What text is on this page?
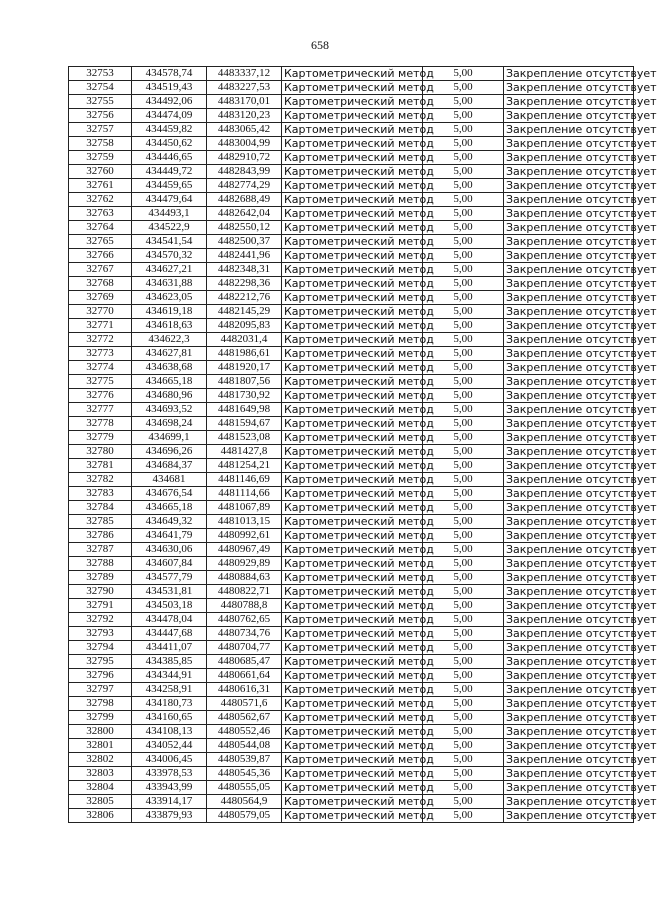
658
32753	434578,74	4483337,12	Картометрический метод	5,00	Закрепление отсутствует
32754	434519,43	4483227,53	Картометрический метод	5,00	Закрепление отсутствует
32755	434492,06	4483170,01	Картометрический метод	5,00	Закрепление отсутствует
32756	434474,09	4483120,23	Картометрический метод	5,00	Закрепление отсутствует
32757	434459,82	4483065,42	Картометрический метод	5,00	Закрепление отсутствует
32758	434450,62	4483004,99	Картометрический метод	5,00	Закрепление отсутствует
32759	434446,65	4482910,72	Картометрический метод	5,00	Закрепление отсутствует
32760	434449,72	4482843,99	Картометрический метод	5,00	Закрепление отсутствует
32761	434459,65	4482774,29	Картометрический метод	5,00	Закрепление отсутствует
32762	434479,64	4482688,49	Картометрический метод	5,00	Закрепление отсутствует
32763	434493,1	4482642,04	Картометрический метод	5,00	Закрепление отсутствует
32764	434522,9	4482550,12	Картометрический метод	5,00	Закрепление отсутствует
32765	434541,54	4482500,37	Картометрический метод	5,00	Закрепление отсутствует
32766	434570,32	4482441,96	Картометрический метод	5,00	Закрепление отсутствует
32767	434627,21	4482348,31	Картометрический метод	5,00	Закрепление отсутствует
32768	434631,88	4482298,36	Картометрический метод	5,00	Закрепление отсутствует
32769	434623,05	4482212,76	Картометрический метод	5,00	Закрепление отсутствует
32770	434619,18	4482145,29	Картометрический метод	5,00	Закрепление отсутствует
32771	434618,63	4482095,83	Картометрический метод	5,00	Закрепление отсутствует
32772	434622,3	4482031,4	Картометрический метод	5,00	Закрепление отсутствует
32773	434627,81	4481986,61	Картометрический метод	5,00	Закрепление отсутствует
32774	434638,68	4481920,17	Картометрический метод	5,00	Закрепление отсутствует
32775	434665,18	4481807,56	Картометрический метод	5,00	Закрепление отсутствует
32776	434680,96	4481730,92	Картометрический метод	5,00	Закрепление отсутствует
32777	434693,52	4481649,98	Картометрический метод	5,00	Закрепление отсутствует
32778	434698,24	4481594,67	Картометрический метод	5,00	Закрепление отсутствует
32779	434699,1	4481523,08	Картометрический метод	5,00	Закрепление отсутствует
32780	434696,26	4481427,8	Картометрический метод	5,00	Закрепление отсутствует
32781	434684,37	4481254,21	Картометрический метод	5,00	Закрепление отсутствует
32782	434681	4481146,69	Картометрический метод	5,00	Закрепление отсутствует
32783	434676,54	4481114,66	Картометрический метод	5,00	Закрепление отсутствует
32784	434665,18	4481067,89	Картометрический метод	5,00	Закрепление отсутствует
32785	434649,32	4481013,15	Картометрический метод	5,00	Закрепление отсутствует
32786	434641,79	4480992,61	Картометрический метод	5,00	Закрепление отсутствует
32787	434630,06	4480967,49	Картометрический метод	5,00	Закрепление отсутствует
32788	434607,84	4480929,89	Картометрический метод	5,00	Закрепление отсутствует
32789	434577,79	4480884,63	Картометрический метод	5,00	Закрепление отсутствует
32790	434531,81	4480822,71	Картометрический метод	5,00	Закрепление отсутствует
32791	434503,18	4480788,8	Картометрический метод	5,00	Закрепление отсутствует
32792	434478,04	4480762,65	Картометрический метод	5,00	Закрепление отсутствует
32793	434447,68	4480734,76	Картометрический метод	5,00	Закрепление отсутствует
32794	434411,07	4480704,77	Картометрический метод	5,00	Закрепление отсутствует
32795	434385,85	4480685,47	Картометрический метод	5,00	Закрепление отсутствует
32796	434344,91	4480661,64	Картометрический метод	5,00	Закрепление отсутствует
32797	434258,91	4480616,31	Картометрический метод	5,00	Закрепление отсутствует
32798	434180,73	4480571,6	Картометрический метод	5,00	Закрепление отсутствует
32799	434160,65	4480562,67	Картометрический метод	5,00	Закрепление отсутствует
32800	434108,13	4480552,46	Картометрический метод	5,00	Закрепление отсутствует
32801	434052,44	4480544,08	Картометрический метод	5,00	Закрепление отсутствует
32802	434006,45	4480539,87	Картометрический метод	5,00	Закрепление отсутствует
32803	433978,53	4480545,36	Картометрический метод	5,00	Закрепление отсутствует
32804	433943,99	4480555,05	Картометрический метод	5,00	Закрепление отсутствует
32805	433914,17	4480564,9	Картометрический метод	5,00	Закрепление отсутствует
32806	433879,93	4480579,05	Картометрический метод	5,00	Закрепление отсутствует
